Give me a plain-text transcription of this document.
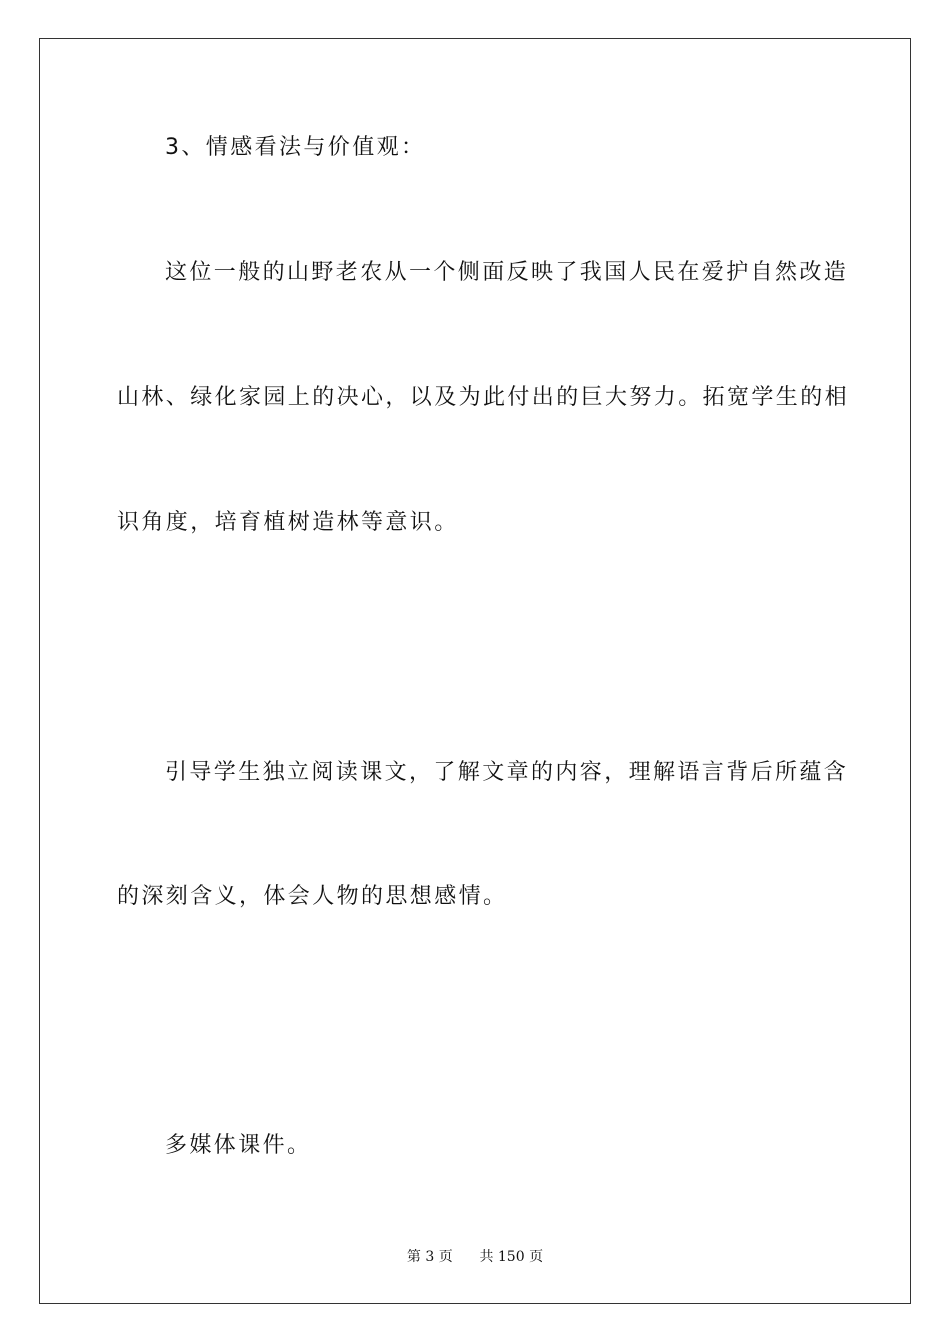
3、情感看法与价值观：

这位一般的山野老农从一个侧面反映了我国人民在爱护自然改造

山林、绿化家园上的决心，以及为此付出的巨大努力。拓宽学生的相

识角度，培育植树造林等意识。

引导学生独立阅读课文，了解文章的内容，理解语言背后所蕴含

的深刻含义，体会人物的思想感情。

多媒体课件。

第 3 页 共 150 页
